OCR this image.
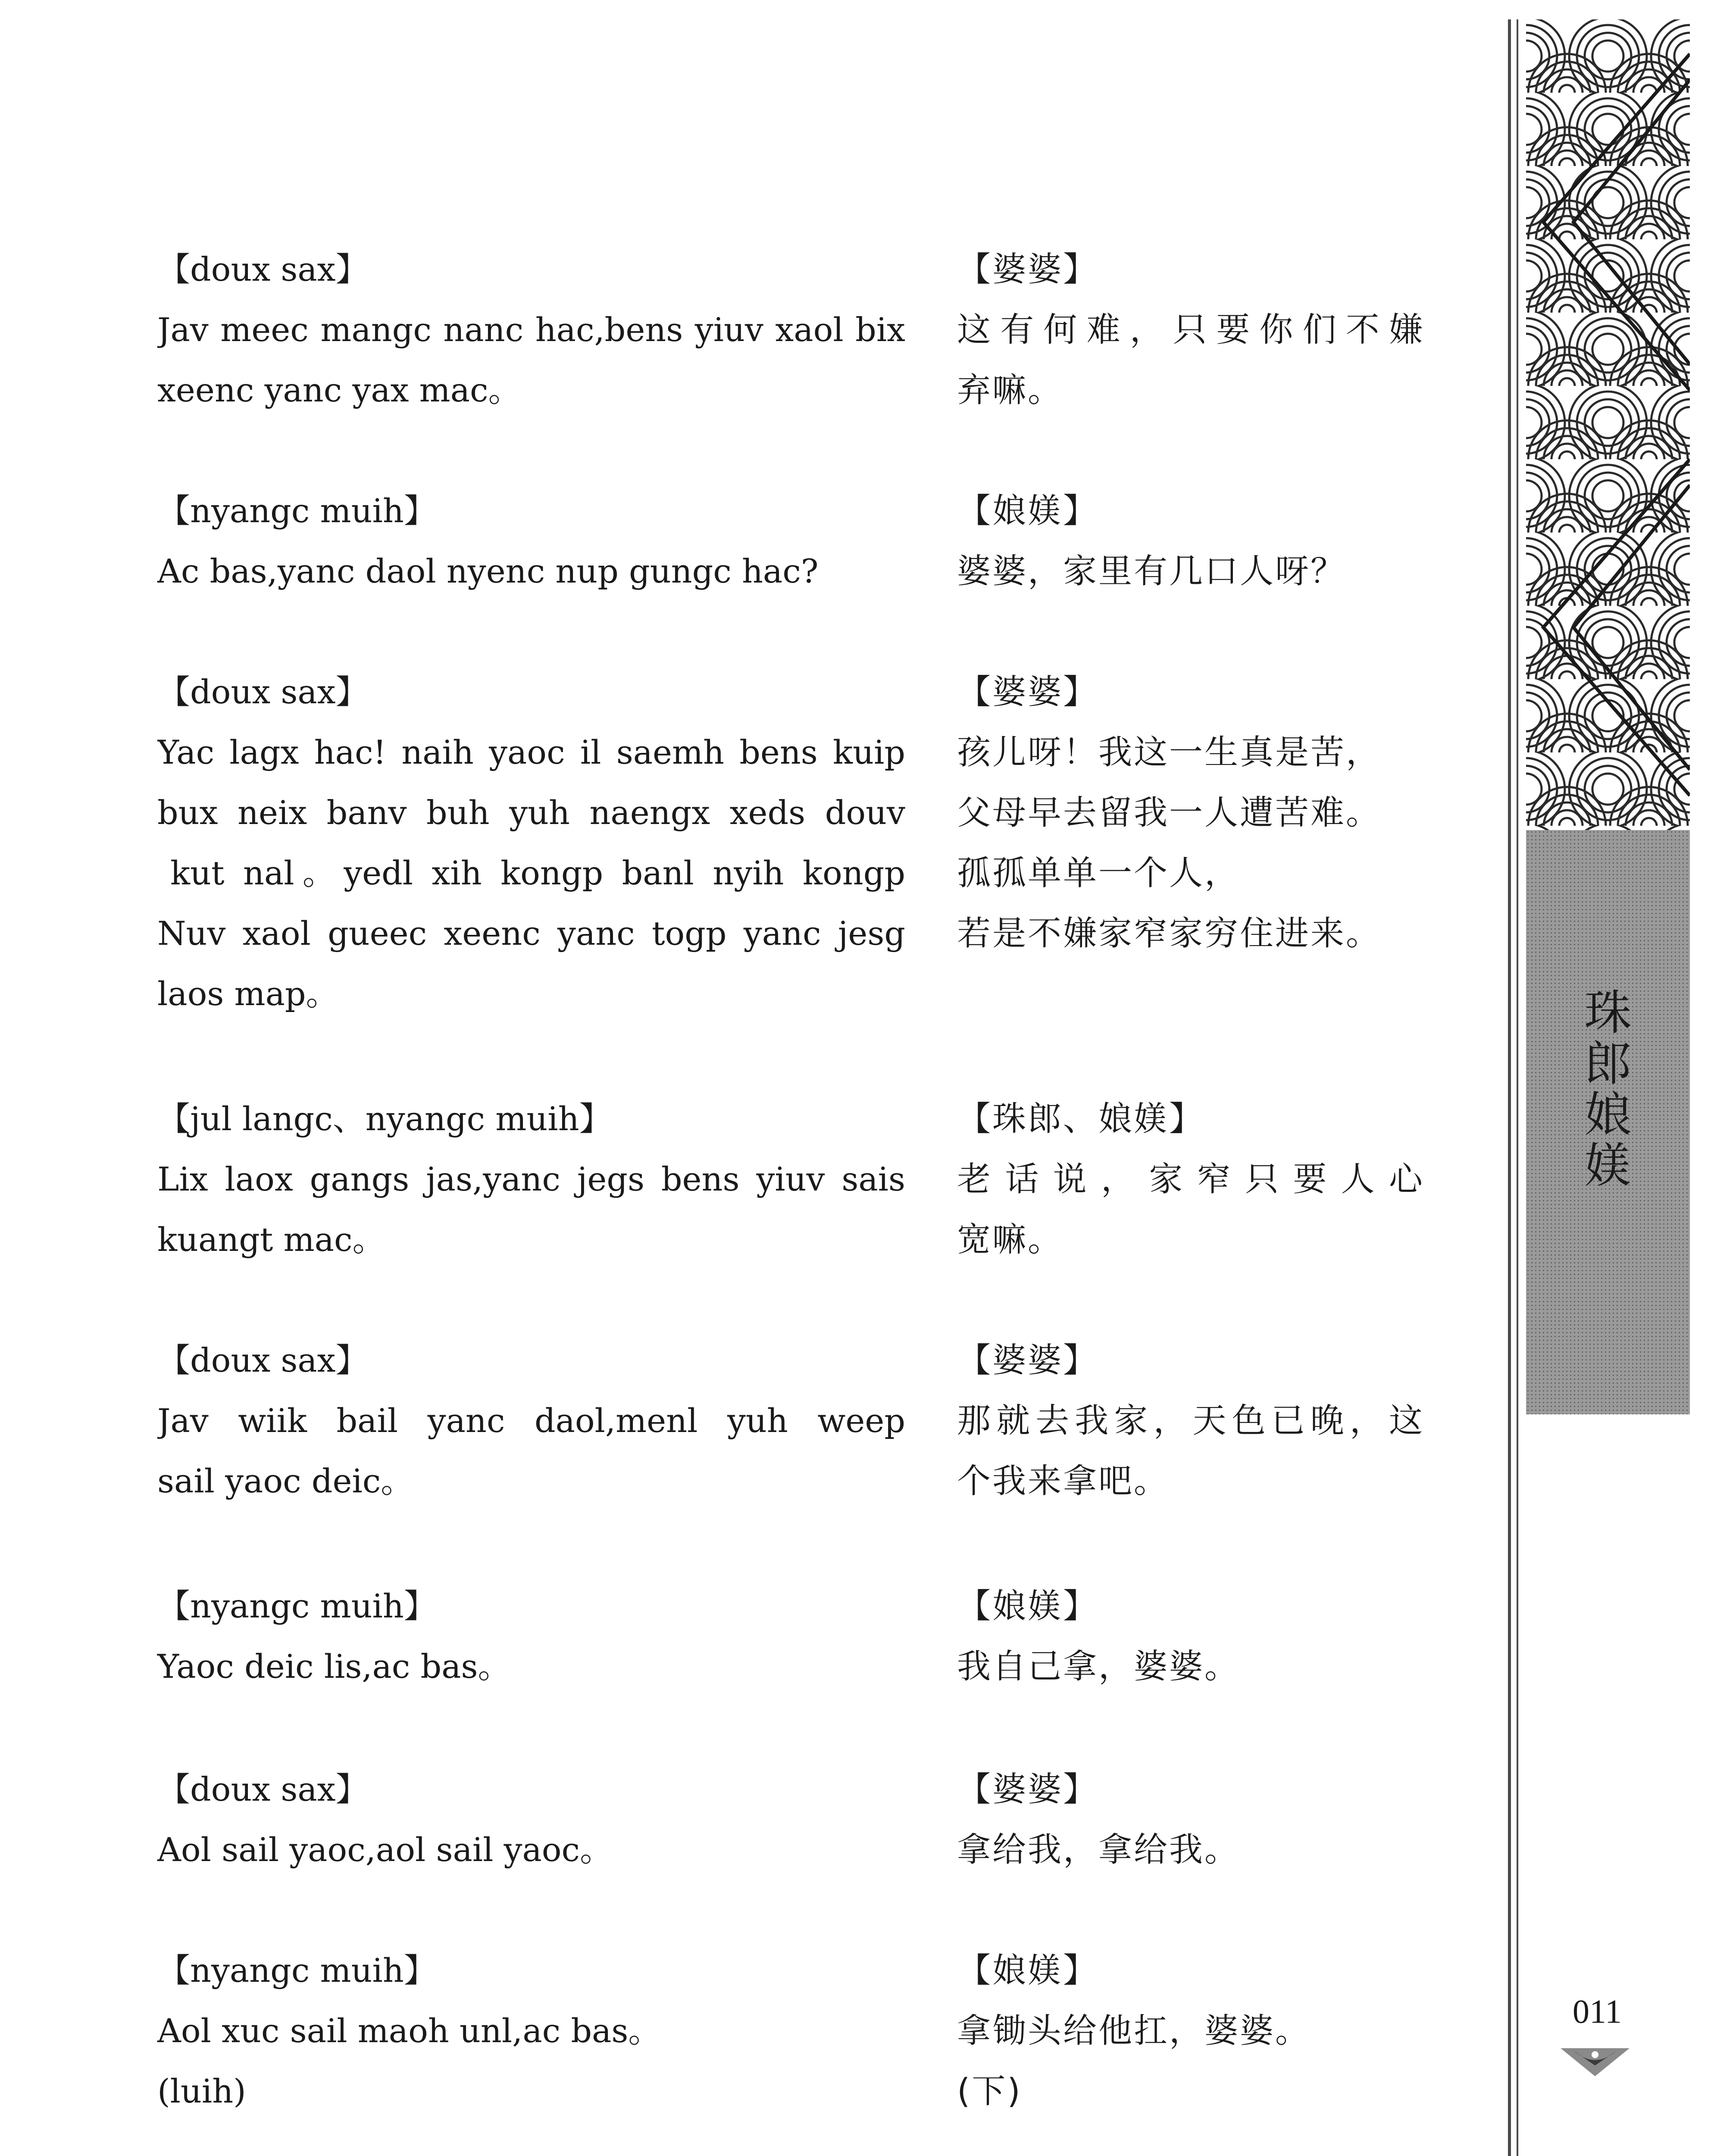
【doux sax】
Jav meec mangc nanc hac,bens yiuv xaol bix
xeenc yanc yax mac。
【婆婆】
这有何难，只要你们不嫌
弃嘛。
【nyangc muih】
Ac bas,yanc daol nyenc nup gungc hac?
【娘媄】
婆婆，家里有几口人呀？
【doux sax】
Yac lagx hac! naih yaoc il saemh bens kuip
bux neix banv buh yuh naengx xeds douv
kut nal。yedl xih kongp banl nyih kongp
Nuv xaol gueec xeenc yanc togp yanc jesg
laos map。
【婆婆】
孩儿呀！我这一生真是苦，
父母早去留我一人遭苦难。
孤孤单单一个人，
若是不嫌家窄家穷住进来。
【jul langc、nyangc muih】
Lix laox gangs jas,yanc jegs bens yiuv sais
kuangt mac。
【珠郎、娘媄】
老话说，家窄只要人心
宽嘛。
【doux sax】
Jav wiik bail yanc daol,menl yuh weep
sail yaoc deic。
【婆婆】
那就去我家，天色已晚，这
个我来拿吧。
【nyangc muih】
Yaoc deic lis,ac bas。
【娘媄】
我自己拿，婆婆。
【doux sax】
Aol sail yaoc,aol sail yaoc。
【婆婆】
拿给我，拿给我。
【nyangc muih】
Aol xuc sail maoh unl,ac bas。
(luih)
【娘媄】
拿锄头给他扛，婆婆。
(下)
珠郎娘媄
011
